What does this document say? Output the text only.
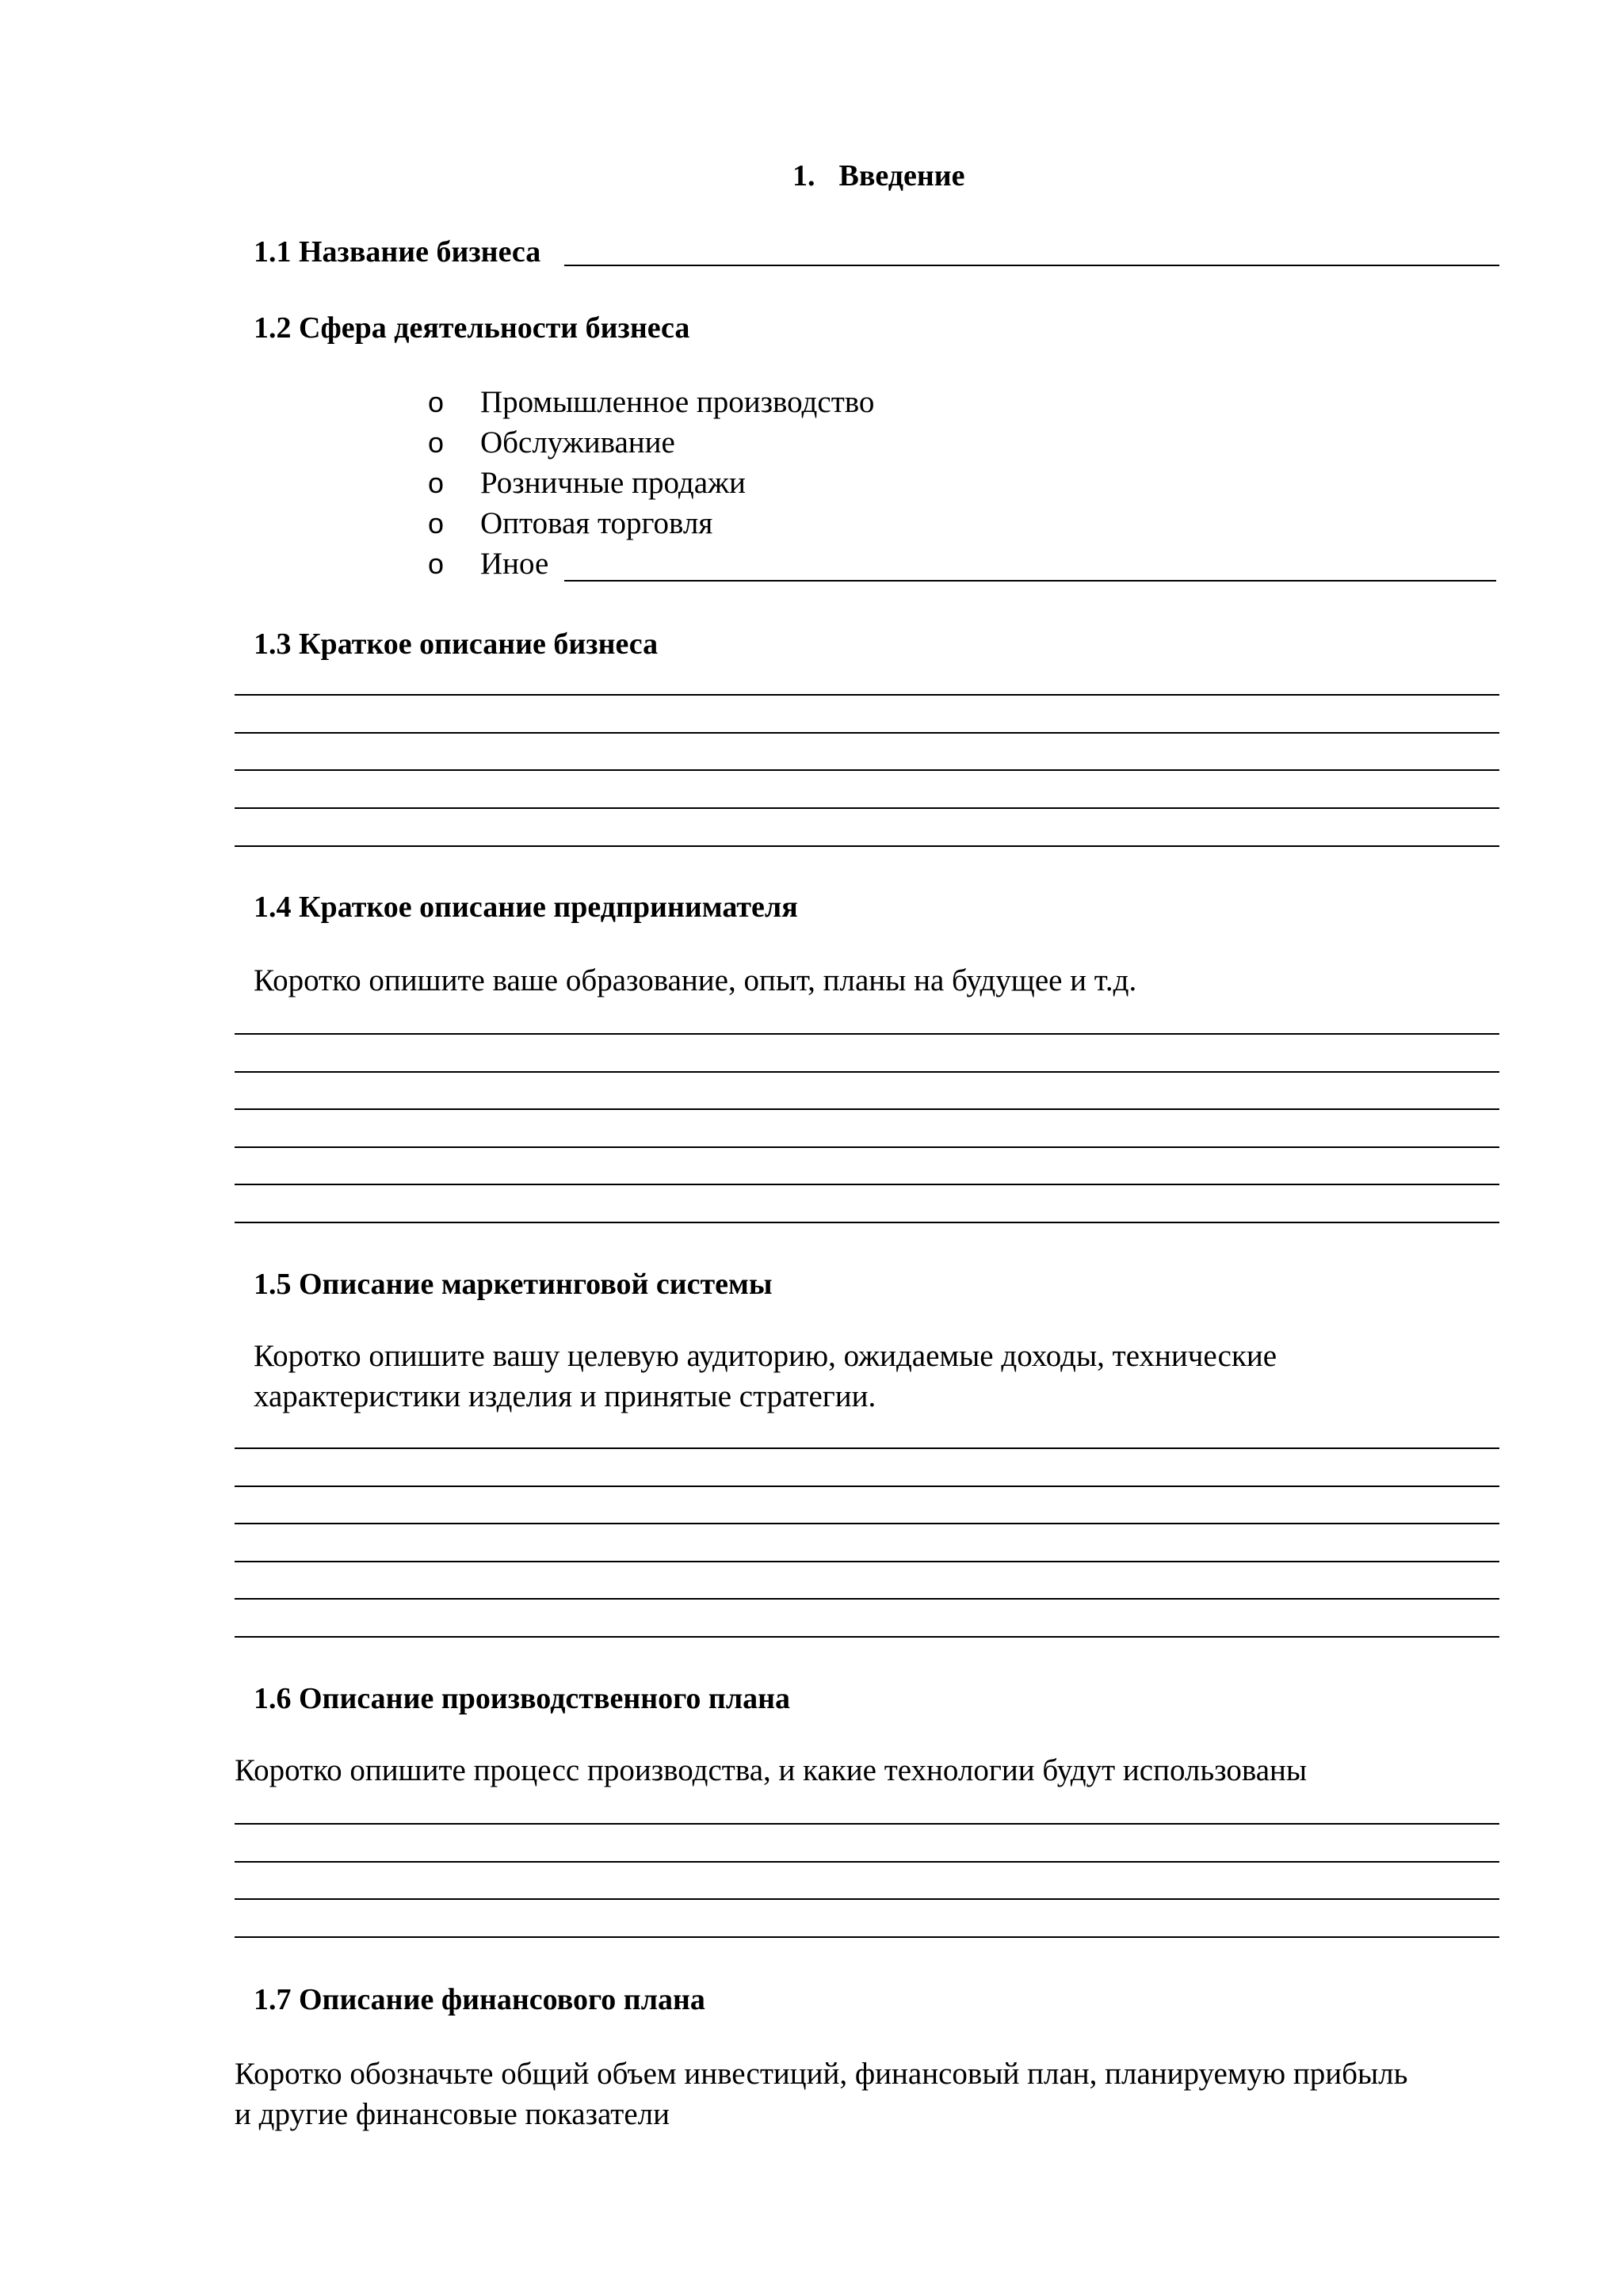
1. Введение
1.1 Название бизнеса
1.2 Сфера деятельности бизнеса
o Промышленное производство
o Обслуживание
o Розничные продажи
o Оптовая торговля
o Иное
1.3 Краткое описание бизнеса
1.4 Краткое описание предпринимателя
Коротко опишите ваше образование, опыт, планы на будущее и т.д.
1.5 Описание маркетинговой системы
Коротко опишите вашу целевую аудиторию, ожидаемые доходы, технические
характеристики изделия и принятые стратегии.
1.6 Описание производственного плана
Коротко опишите процесс производства, и какие технологии будут использованы
1.7 Описание финансового плана
Коротко обозначьте общий объем инвестиций, финансовый план, планируемую прибыль
и другие финансовые показатели
